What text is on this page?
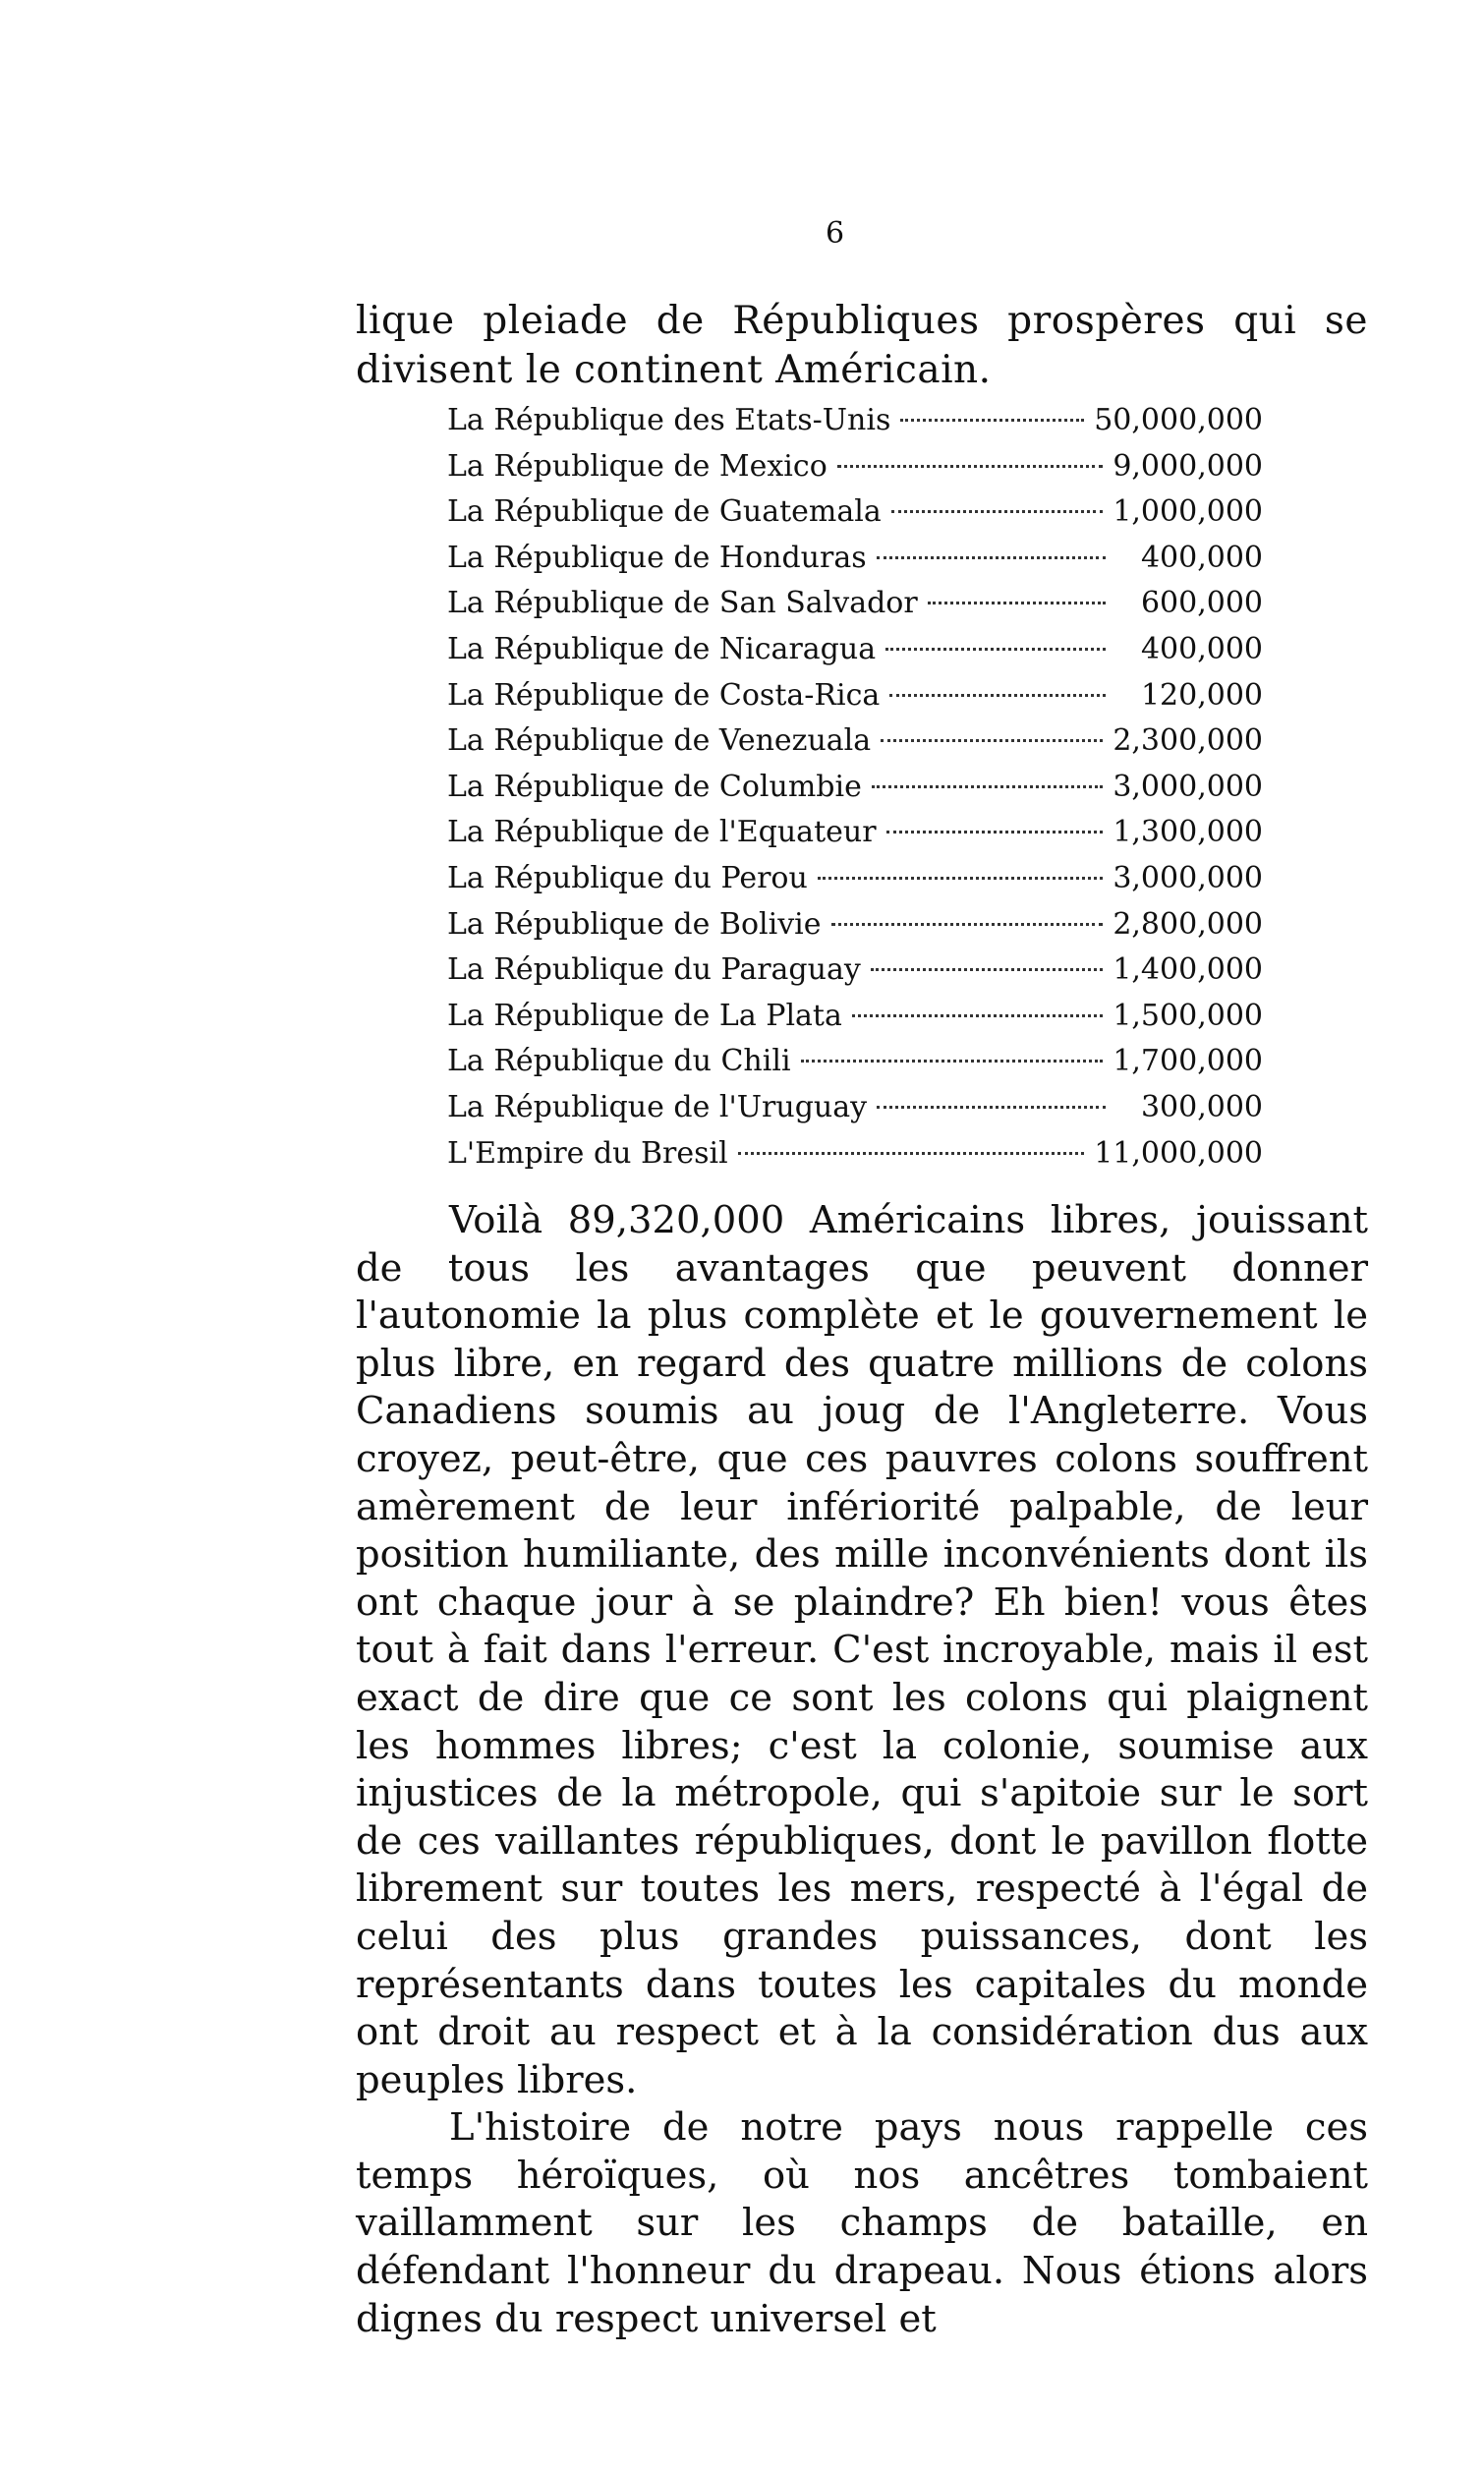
6
lique pleiade de Républiques prospères qui se divisent le continent Américain.
La République des Etats-Unis	50,000,000
La République de Mexico	9,000,000
La République de Guatemala	1,000,000
La République de Honduras	400,000
La République de San Salvador	600,000
La République de Nicaragua	400,000
La République de Costa-Rica	120,000
La République de Venezuala	2,300,000
La République de Columbie	3,000,000
La République de l'Equateur	1,300,000
La République du Perou	3,000,000
La République de Bolivie	2,800,000
La République du Paraguay	1,400,000
La République de La Plata	1,500,000
La République du Chili	1,700,000
La République de l'Uruguay	300,000
L'Empire du Bresil	11,000,000

Voilà 89,320,000 Américains libres, jouissant de tous les avantages que peuvent donner l'autonomie la plus complète et le gouvernement le plus libre, en regard des quatre millions de colons Canadiens soumis au joug de l'Angleterre. Vous croyez, peut-être, que ces pauvres colons souffrent amèrement de leur infériorité palpable, de leur position humiliante, des mille inconvénients dont ils ont chaque jour à se plaindre? Eh bien! vous êtes tout à fait dans l'erreur. C'est incroyable, mais il est exact de dire que ce sont les colons qui plaignent les hommes libres; c'est la colonie, soumise aux injustices de la métropole, qui s'apitoie sur le sort de ces vaillantes républiques, dont le pavillon flotte librement sur toutes les mers, respecté à l'égal de celui des plus grandes puissances, dont les représentants dans toutes les capitales du monde ont droit au respect et à la considération dus aux peuples libres.

L'histoire de notre pays nous rappelle ces temps héroïques, où nos ancêtres tombaient vaillamment sur les champs de bataille, en défendant l'honneur du drapeau. Nous étions alors dignes du respect universel et
